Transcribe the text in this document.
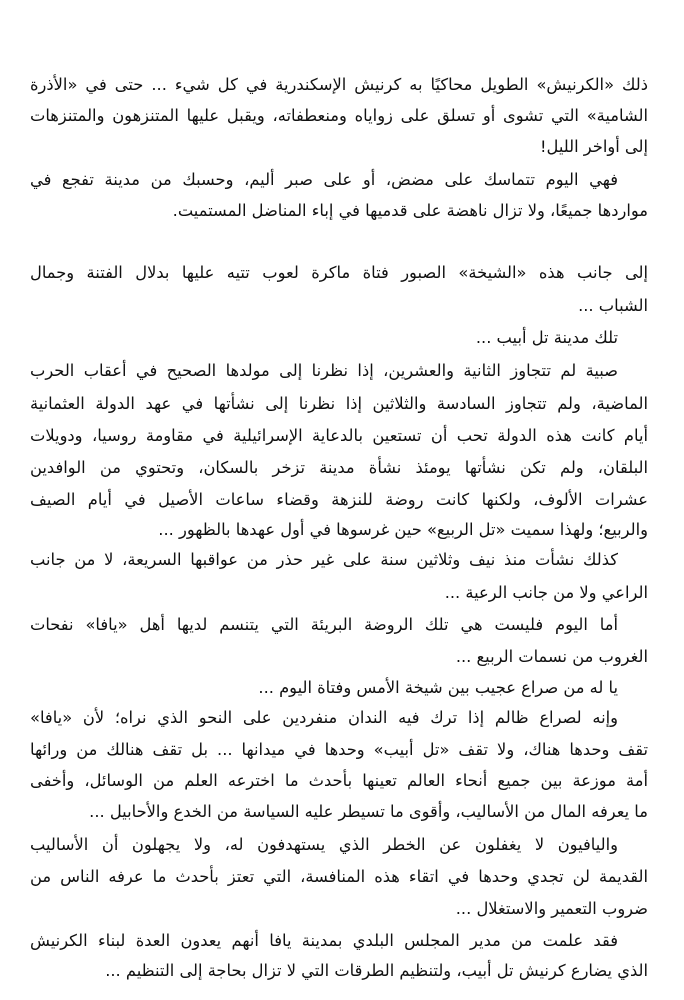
ذلك «الكرنيش» الطويل محاكيًا به كرنيش الإسكندرية في كل شيء ... حتى في «الأذرة
الشامية» التي تشوى أو تسلق على زواياه ومنعطفاته، ويقبل عليها المتنزهون والمتنزهات
إلى أواخر الليل!
فهي اليوم تتماسك على مضض، أو على صبر أليم، وحسبك من مدينة تفجع في
مواردها جميعًا، ولا تزال ناهضة على قدميها في إباء المناضل المستميت.
إلى جانب هذه «الشيخة» الصبور فتاة ماكرة لعوب تتيه عليها بدلال الفتنة وجمال
الشباب ...
تلك مدينة تل أبيب ...
صبية لم تتجاوز الثانية والعشرين، إذا نظرنا إلى مولدها الصحيح في أعقاب الحرب
الماضية، ولم تتجاوز السادسة والثلاثين إذا نظرنا إلى نشأتها في عهد الدولة العثمانية
أيام كانت هذه الدولة تحب أن تستعين بالدعاية الإسرائيلية في مقاومة روسيا، ودويلات
البلقان، ولم تكن نشأتها يومئذ نشأة مدينة تزخر بالسكان، وتحتوي من الوافدين
عشرات الألوف، ولكنها كانت روضة للنزهة وقضاء ساعات الأصيل في أيام الصيف
والربيع؛ ولهذا سميت «تل الربيع» حين غرسوها في أول عهدها بالظهور ...
كذلك نشأت منذ نيف وثلاثين سنة على غير حذر من عواقبها السريعة، لا من جانب
الراعي ولا من جانب الرعية ...
أما اليوم فليست هي تلك الروضة البريئة التي يتنسم لديها أهل «يافا» نفحات
الغروب من نسمات الربيع ...
يا له من صراع عجيب بين شيخة الأمس وفتاة اليوم ...
وإنه لصراع ظالم إذا ترك فيه الندان منفردين على النحو الذي نراه؛ لأن «يافا»
تقف وحدها هناك، ولا تقف «تل أبيب» وحدها في ميدانها ... بل تقف هنالك من ورائها
أمة موزعة بين جميع أنحاء العالم تعينها بأحدث ما اخترعه العلم من الوسائل، وأخفى
ما يعرفه المال من الأساليب، وأقوى ما تسيطر عليه السياسة من الخدع والأحابيل ...
واليافيون لا يغفلون عن الخطر الذي يستهدفون له، ولا يجهلون أن الأساليب
القديمة لن تجدي وحدها في اتقاء هذه المنافسة، التي تعتز بأحدث ما عرفه الناس من
ضروب التعمير والاستغلال ...
فقد علمت من مدير المجلس البلدي بمدينة يافا أنهم يعدون العدة لبناء الكرنيش
الذي يضارع كرنيش تل أبيب، ولتنظيم الطرقات التي لا تزال بحاجة إلى التنظيم ...
